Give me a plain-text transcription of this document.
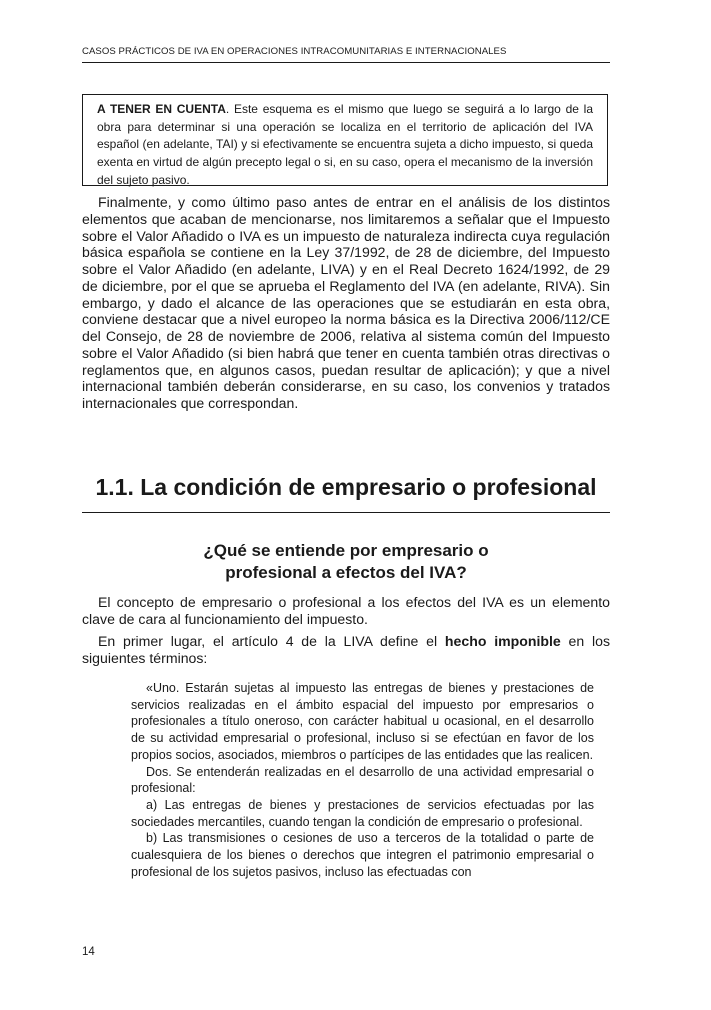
CASOS PRÁCTICOS DE IVA EN OPERACIONES INTRACOMUNITARIAS E INTERNACIONALES
A TENER EN CUENTA. Este esquema es el mismo que luego se seguirá a lo largo de la obra para determinar si una operación se localiza en el territorio de aplicación del IVA español (en adelante, TAI) y si efectivamente se encuentra sujeta a dicho impuesto, si queda exenta en virtud de algún precepto legal o si, en su caso, opera el mecanismo de la inversión del sujeto pasivo.
Finalmente, y como último paso antes de entrar en el análisis de los distintos elementos que acaban de mencionarse, nos limitaremos a señalar que el Impuesto sobre el Valor Añadido o IVA es un impuesto de naturaleza indirecta cuya regulación básica española se contiene en la Ley 37/1992, de 28 de diciembre, del Impuesto sobre el Valor Añadido (en adelante, LIVA) y en el Real Decreto 1624/1992, de 29 de diciembre, por el que se aprueba el Reglamento del IVA (en adelante, RIVA). Sin embargo, y dado el alcance de las operaciones que se estudiarán en esta obra, conviene destacar que a nivel europeo la norma básica es la Directiva 2006/112/CE del Consejo, de 28 de noviembre de 2006, relativa al sistema común del Impuesto sobre el Valor Añadido (si bien habrá que tener en cuenta también otras directivas o reglamentos que, en algunos casos, puedan resultar de aplicación); y que a nivel internacional también deberán considerarse, en su caso, los convenios y tratados internacionales que correspondan.
1.1. La condición de empresario o profesional
¿Qué se entiende por empresario o
profesional a efectos del IVA?
El concepto de empresario o profesional a los efectos del IVA es un elemento clave de cara al funcionamiento del impuesto.
En primer lugar, el artículo 4 de la LIVA define el hecho imponible en los siguientes términos:

«Uno. Estarán sujetas al impuesto las entregas de bienes y prestaciones de servicios realizadas en el ámbito espacial del impuesto por empresarios o profesionales a título oneroso, con carácter habitual u ocasional, en el desarrollo de su actividad empresarial o profesional, incluso si se efectúan en favor de los propios socios, asociados, miembros o partícipes de las entidades que las realicen.

Dos. Se entenderán realizadas en el desarrollo de una actividad empresarial o profesional:

a) Las entregas de bienes y prestaciones de servicios efectuadas por las sociedades mercantiles, cuando tengan la condición de empresario o profesional.

b) Las transmisiones o cesiones de uso a terceros de la totalidad o parte de cualesquiera de los bienes o derechos que integren el patrimonio empresarial o profesional de los sujetos pasivos, incluso las efectuadas con

14
